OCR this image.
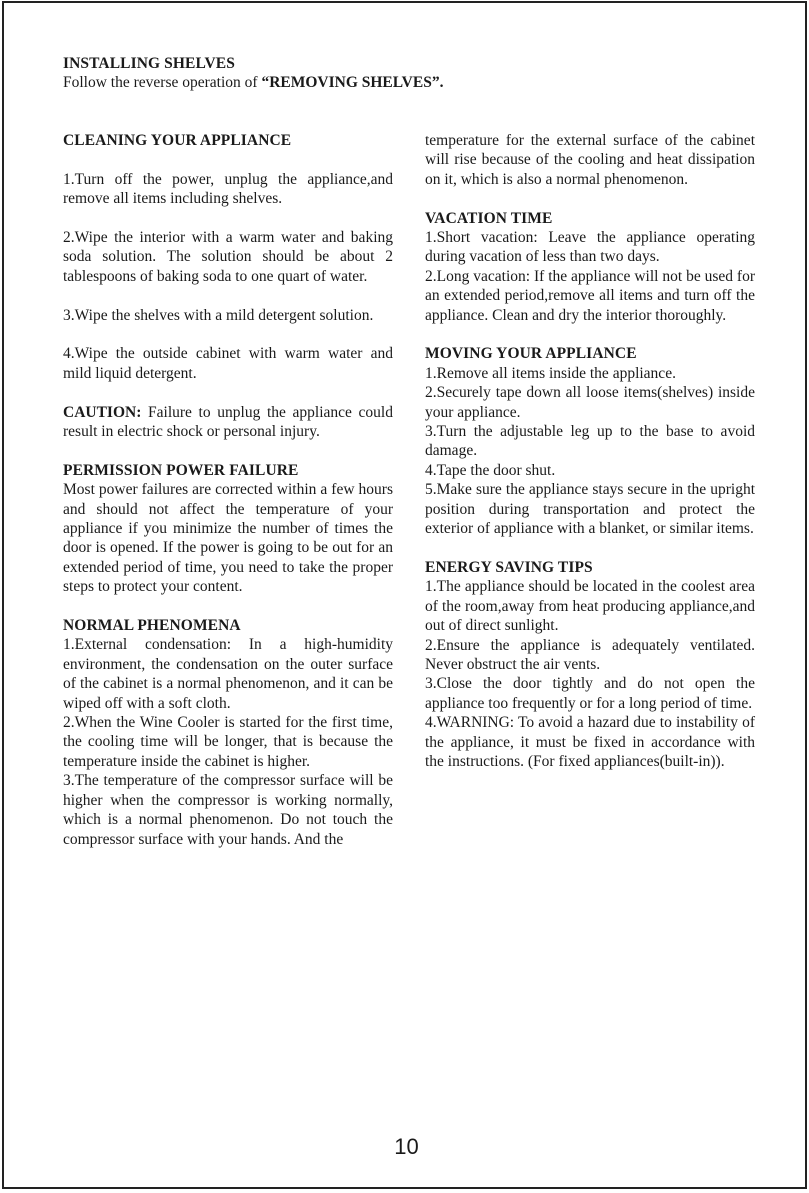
INSTALLING SHELVES

Follow the reverse operation of “REMOVING SHELVES”.

CLEANING YOUR APPLIANCE

1.Turn off the power, unplug the appliance,and remove all items including shelves.

2.Wipe the interior with a warm water and baking soda solution. The solution should be about 2 tablespoons of baking soda to one quart of water.

3.Wipe the shelves with a mild detergent solution.

4.Wipe the outside cabinet with warm water and mild liquid detergent.

CAUTION: Failure to unplug the appliance could result in electric shock or personal injury.

PERMISSION POWER FAILURE

Most power failures are corrected within a few hours and should not affect the temperature of your appliance if you minimize the number of times the door is opened. If the power is going to be out for an extended period of time, you need to take the proper steps to protect your content.

NORMAL PHENOMENA

1.External condensation: In a high-humidity environment, the condensation on the outer surface of the cabinet is a normal phenomenon, and it can be wiped off with a soft cloth.

2.When the Wine Cooler is started for the first time, the cooling time will be longer, that is because the temperature inside the cabinet is higher.

3.The temperature of the compressor surface will be higher when the compressor is working normally, which is a normal phenomenon. Do not touch the compressor surface with your hands. And the

temperature for the external surface of the cabinet will rise because of the cooling and heat dissipation on it, which is also a normal phenomenon.

VACATION TIME

1.Short vacation: Leave the appliance operating during vacation of less than two days.

2.Long vacation: If the appliance will not be used for an extended period,remove all items and turn off the appliance. Clean and dry the interior thoroughly.

MOVING YOUR APPLIANCE

1.Remove all items inside the appliance.

2.Securely tape down all loose items(shelves) inside your appliance.

3.Turn the adjustable leg up to the base to avoid damage.

4.Tape the door shut.

5.Make sure the appliance stays secure in the upright position during transportation and protect the exterior of appliance with a blanket, or similar items.

ENERGY SAVING TIPS

1.The appliance should be located in the coolest area of the room,away from heat producing appliance,and out of direct sunlight.

2.Ensure the appliance is adequately ventilated. Never obstruct the air vents.

3.Close the door tightly and do not open the appliance too frequently or for a long period of time.

4.WARNING: To avoid a hazard due to instability of the appliance, it must be fixed in accordance with the instructions. (For fixed appliances(built-in)).

10
